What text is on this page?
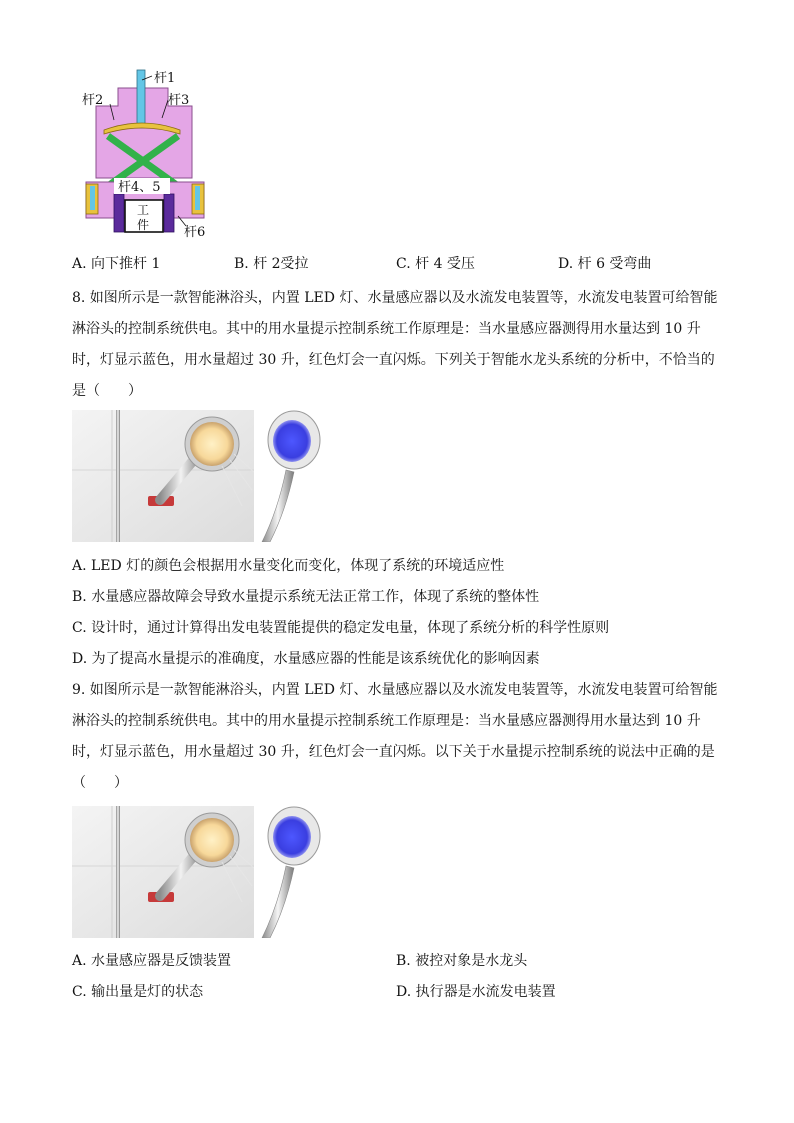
杆1
杆2	杆3
杆4、5
杆6
工
件
A. 向下推杆 1	B. 杆 2受拉	C. 杆 4 受压	D. 杆 6 受弯曲
8. 如图所示是一款智能淋浴头，内置 LED 灯、水量感应器以及水流发电装置等，水流发电装置可给智能
淋浴头的控制系统供电。其中的用水量提示控制系统工作原理是：当水量感应器测得用水量达到 10 升
时，灯显示蓝色，用水量超过 30 升，红色灯会一直闪烁。下列关于智能水龙头系统的分析中，不恰当的
是（　　）
A. LED 灯的颜色会根据用水量变化而变化，体现了系统的环境适应性
B. 水量感应器故障会导致水量提示系统无法正常工作，体现了系统的整体性
C. 设计时，通过计算得出发电装置能提供的稳定发电量，体现了系统分析的科学性原则
D. 为了提高水量提示的准确度，水量感应器的性能是该系统优化的影响因素
9. 如图所示是一款智能淋浴头，内置 LED 灯、水量感应器以及水流发电装置等，水流发电装置可给智能
淋浴头的控制系统供电。其中的用水量提示控制系统工作原理是：当水量感应器测得用水量达到 10 升
时，灯显示蓝色，用水量超过 30 升，红色灯会一直闪烁。以下关于水量提示控制系统的说法中正确的是
（　　）
A. 水量感应器是反馈装置	B. 被控对象是水龙头
C. 输出量是灯的状态	D. 执行器是水流发电装置
